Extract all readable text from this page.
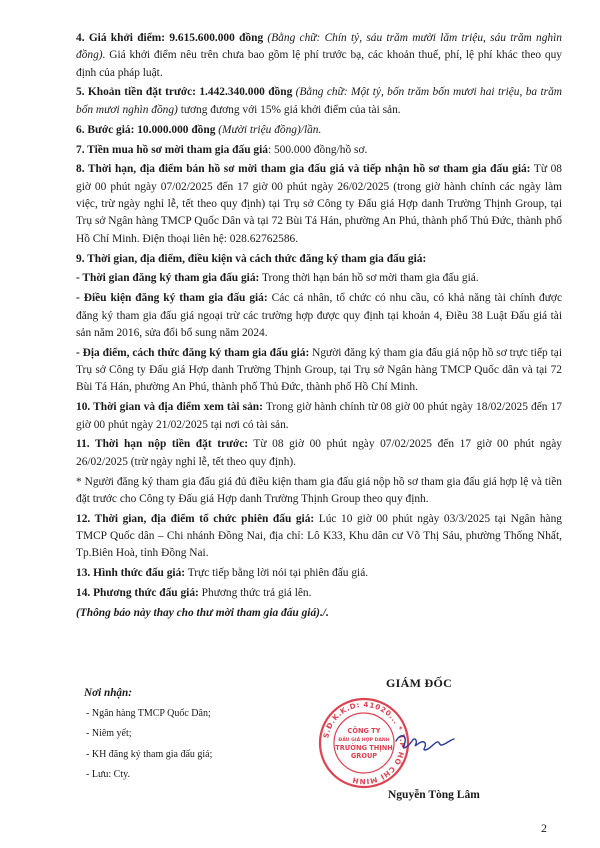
4. Giá khởi điểm: 9.615.600.000 đồng (Bằng chữ: Chín tỷ, sáu trăm mười lăm triệu, sáu trăm nghìn đồng). Giá khởi điểm nêu trên chưa bao gồm lệ phí trước bạ, các khoản thuế, phí, lệ phí khác theo quy định của pháp luật.

5. Khoản tiền đặt trước: 1.442.340.000 đồng (Bằng chữ: Một tỷ, bốn trăm bốn mươi hai triệu, ba trăm bốn mươi nghìn đồng) tương đương với 15% giá khởi điểm của tài sản.

6. Bước giá: 10.000.000 đồng (Mười triệu đồng)/lần.

7. Tiền mua hồ sơ mời tham gia đấu giá: 500.000 đồng/hồ sơ.

8. Thời hạn, địa điểm bán hồ sơ mời tham gia đấu giá và tiếp nhận hồ sơ tham gia đấu giá: Từ 08 giờ 00 phút ngày 07/02/2025 đến 17 giờ 00 phút ngày 26/02/2025 (trong giờ hành chính các ngày làm việc, trừ ngày nghỉ lễ, tết theo quy định) tại Trụ sở Công ty Đấu giá Hợp danh Trường Thịnh Group, tại Trụ sở Ngân hàng TMCP Quốc Dân và tại 72 Bùi Tá Hán, phường An Phú, thành phố Thủ Đức, thành phố Hồ Chí Minh. Điện thoại liên hệ: 028.62762586.

9. Thời gian, địa điểm, điều kiện và cách thức đăng ký tham gia đấu giá:

- Thời gian đăng ký tham gia đấu giá: Trong thời hạn bán hồ sơ mời tham gia đấu giá.

- Điều kiện đăng ký tham gia đấu giá: Các cá nhân, tổ chức có nhu cầu, có khả năng tài chính được đăng ký tham gia đấu giá ngoại trừ các trường hợp được quy định tại khoản 4, Điều 38 Luật Đấu giá tài sản năm 2016, sửa đổi bổ sung năm 2024.

- Địa điểm, cách thức đăng ký tham gia đấu giá: Người đăng ký tham gia đấu giá nộp hồ sơ trực tiếp tại Trụ sở Công ty Đấu giá Hợp danh Trường Thịnh Group, tại Trụ sở Ngân hàng TMCP Quốc dân và tại 72 Bùi Tá Hán, phường An Phú, thành phố Thủ Đức, thành phố Hồ Chí Minh.

10. Thời gian và địa điểm xem tài sản: Trong giờ hành chính từ 08 giờ 00 phút ngày 18/02/2025 đến 17 giờ 00 phút ngày 21/02/2025 tại nơi có tài sản.

11. Thời hạn nộp tiền đặt trước: Từ 08 giờ 00 phút ngày 07/02/2025 đến 17 giờ 00 phút ngày 26/02/2025 (trừ ngày nghỉ lễ, tết theo quy định).

* Người đăng ký tham gia đấu giá đủ điều kiện tham gia đấu giá nộp hồ sơ tham gia đấu giá hợp lệ và tiền đặt trước cho Công ty Đấu giá Hợp danh Trường Thịnh Group theo quy định.

12. Thời gian, địa điểm tổ chức phiên đấu giá: Lúc 10 giờ 00 phút ngày 03/3/2025 tại Ngân hàng TMCP Quốc dân – Chi nhánh Đồng Nai, địa chỉ: Lô K33, Khu dân cư Võ Thị Sáu, phường Thống Nhất, Tp.Biên Hoà, tỉnh Đồng Nai.

13. Hình thức đấu giá: Trực tiếp bằng lời nói tại phiên đấu giá.

14. Phương thức đấu giá: Phương thức trả giá lên.

(Thông báo này thay cho thư mời tham gia đấu giá)./.

Nơi nhận:
- Ngân hàng TMCP Quốc Dân;
- Niêm yết;
- KH đăng ký tham gia đấu giá;
- Lưu: Cty.
GIÁM ĐỐC
S.Đ.K.K.D: 41020... * T.P HỒ CHÍ MINH
CÔNG TY
ĐẤU GIÁ HỢP DANH
TRƯỜNG THỊNH
GROUP
Nguyễn Tòng Lâm
2
